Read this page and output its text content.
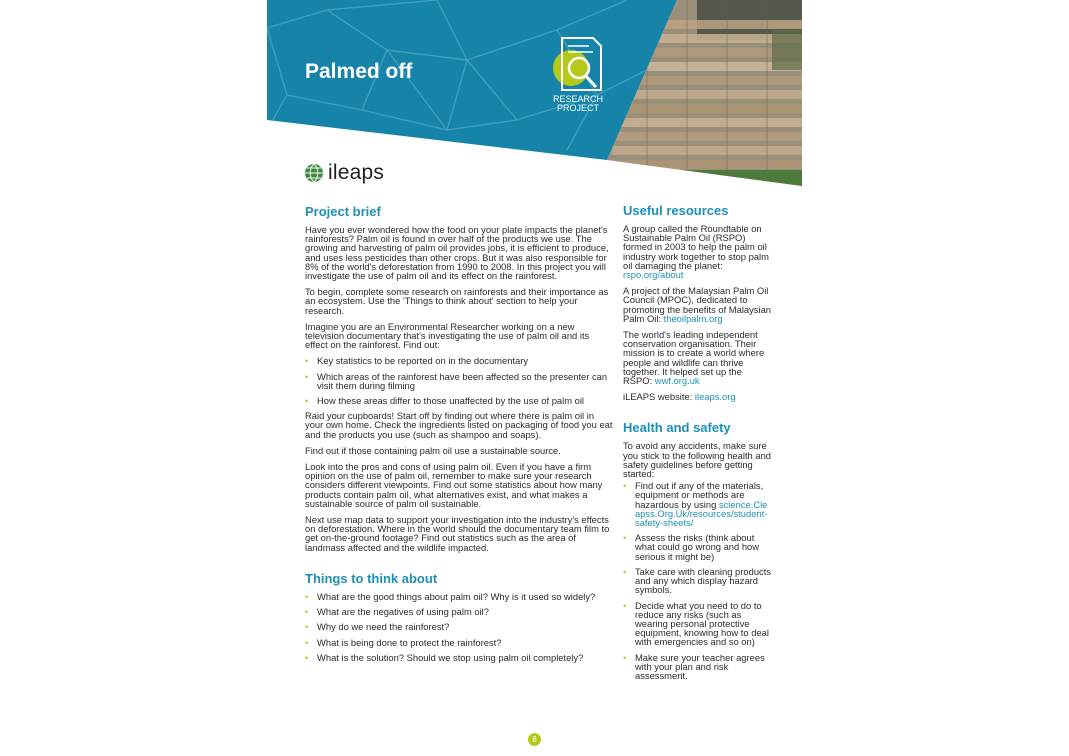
Palmed off
RESEARCH
PROJECT
ileaps
Project brief

Have you ever wondered how the food on your plate impacts the planet's rainforests? Palm oil is found in over half of the products we use. The growing and harvesting of palm oil provides jobs, it is efficient to produce, and uses less pesticides than other crops. But it was also responsible for 8% of the world's deforestation from 1990 to 2008. In this project you will investigate the use of palm oil and its effect on the rainforest.

To begin, complete some research on rainforests and their importance as an ecosystem. Use the 'Things to think about' section to help your research.

Imagine you are an Environmental Researcher working on a new television documentary that's investigating the use of palm oil and its effect on the rainforest. Find out:

• Key statistics to be reported on in the documentary
• Which areas of the rainforest have been affected so the presenter can visit them during filming
• How these areas differ to those unaffected by the use of palm oil

Raid your cupboards! Start off by finding out where there is palm oil in your own home. Check the ingredients listed on packaging of food you eat and the products you use (such as shampoo and soaps).

Find out if those containing palm oil use a sustainable source.

Look into the pros and cons of using palm oil. Even if you have a firm opinion on the use of palm oil, remember to make sure your research considers different viewpoints. Find out some statistics about how many products contain palm oil, what alternatives exist, and what makes a sustainable source of palm oil sustainable.

Next use map data to support your investigation into the industry's effects on deforestation. Where in the world should the documentary team film to get on-the-ground footage? Find out statistics such as the area of landmass affected and the wildlife impacted.

Things to think about
• What are the good things about palm oil? Why is it used so widely?
• What are the negatives of using palm oil?
• Why do we need the rainforest?
• What is being done to protect the rainforest?
• What is the solution? Should we stop using palm oil completely?
Useful resources

A group called the Roundtable on Sustainable Palm Oil (RSPO) formed in 2003 to help the palm oil industry work together to stop palm oil damaging the planet: rspo.org/about

A project of the Malaysian Palm Oil Council (MPOC), dedicated to promoting the benefits of Malaysian Palm Oil: theoilpalm.org

The world's leading independent conservation organisation. Their mission is to create a world where people and wildlife can thrive together. It helped set up the RSPO: wwf.org.uk

iLEAPS website: ileaps.org

Health and safety

To avoid any accidents, make sure you stick to the following health and safety guidelines before getting started:

• Find out if any of the materials, equipment or methods are hazardous by using science.Cleapss.Org.Uk/resources/student-safety-sheets/
• Assess the risks (think about what could go wrong and how serious it might be)
• Take care with cleaning products and any which display hazard symbols.
• Decide what you need to do to reduce any risks (such as wearing personal protective equipment, knowing how to deal with emergencies and so on)
• Make sure your teacher agrees with your plan and risk assessment.
8
